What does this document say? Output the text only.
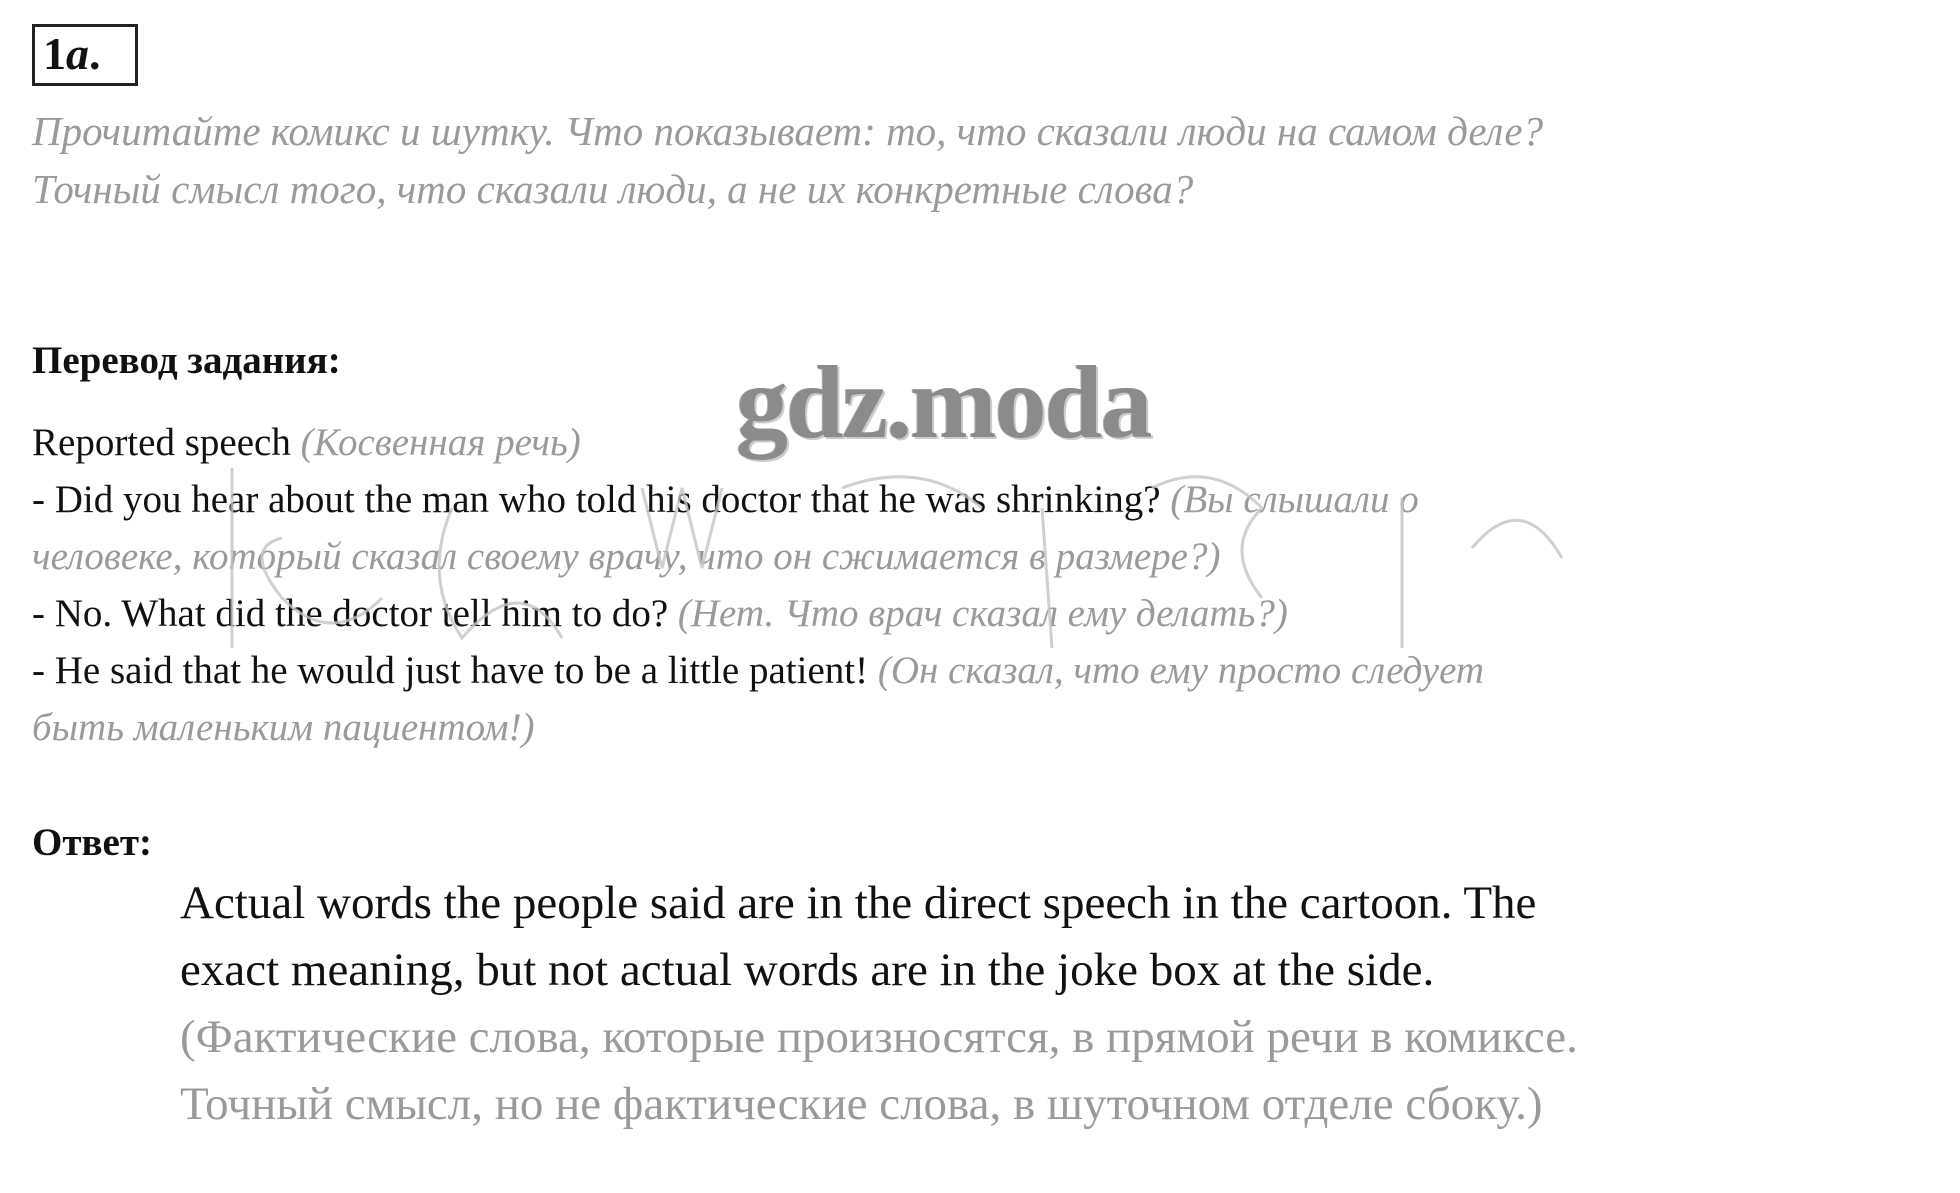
1a.

Прочитайте комикс и шутку. Что показывает: то, что сказали люди на самом деле?
Точный смысл того, что сказали люди, а не их конкретные слова?

Перевод задания:
Reported speech (Косвенная речь)
- Did you hear about the man who told his doctor that he was shrinking? (Вы слышали о
человеке, который сказал своему врачу, что он сжимается в размере?)
- No. What did the doctor tell him to do? (Нет. Что врач сказал ему делать?)
- He said that he would just have to be a little patient! (Он сказал, что ему просто следует
быть маленьким пациентом!)
Ответ:
Actual words the people said are in the direct speech in the cartoon. The
exact meaning, but not actual words are in the joke box at the side.
(Фактические слова, которые произносятся, в прямой речи в комиксе.
Точный смысл, но не фактические слова, в шуточном отделе сбоку.)
gdz.moda
